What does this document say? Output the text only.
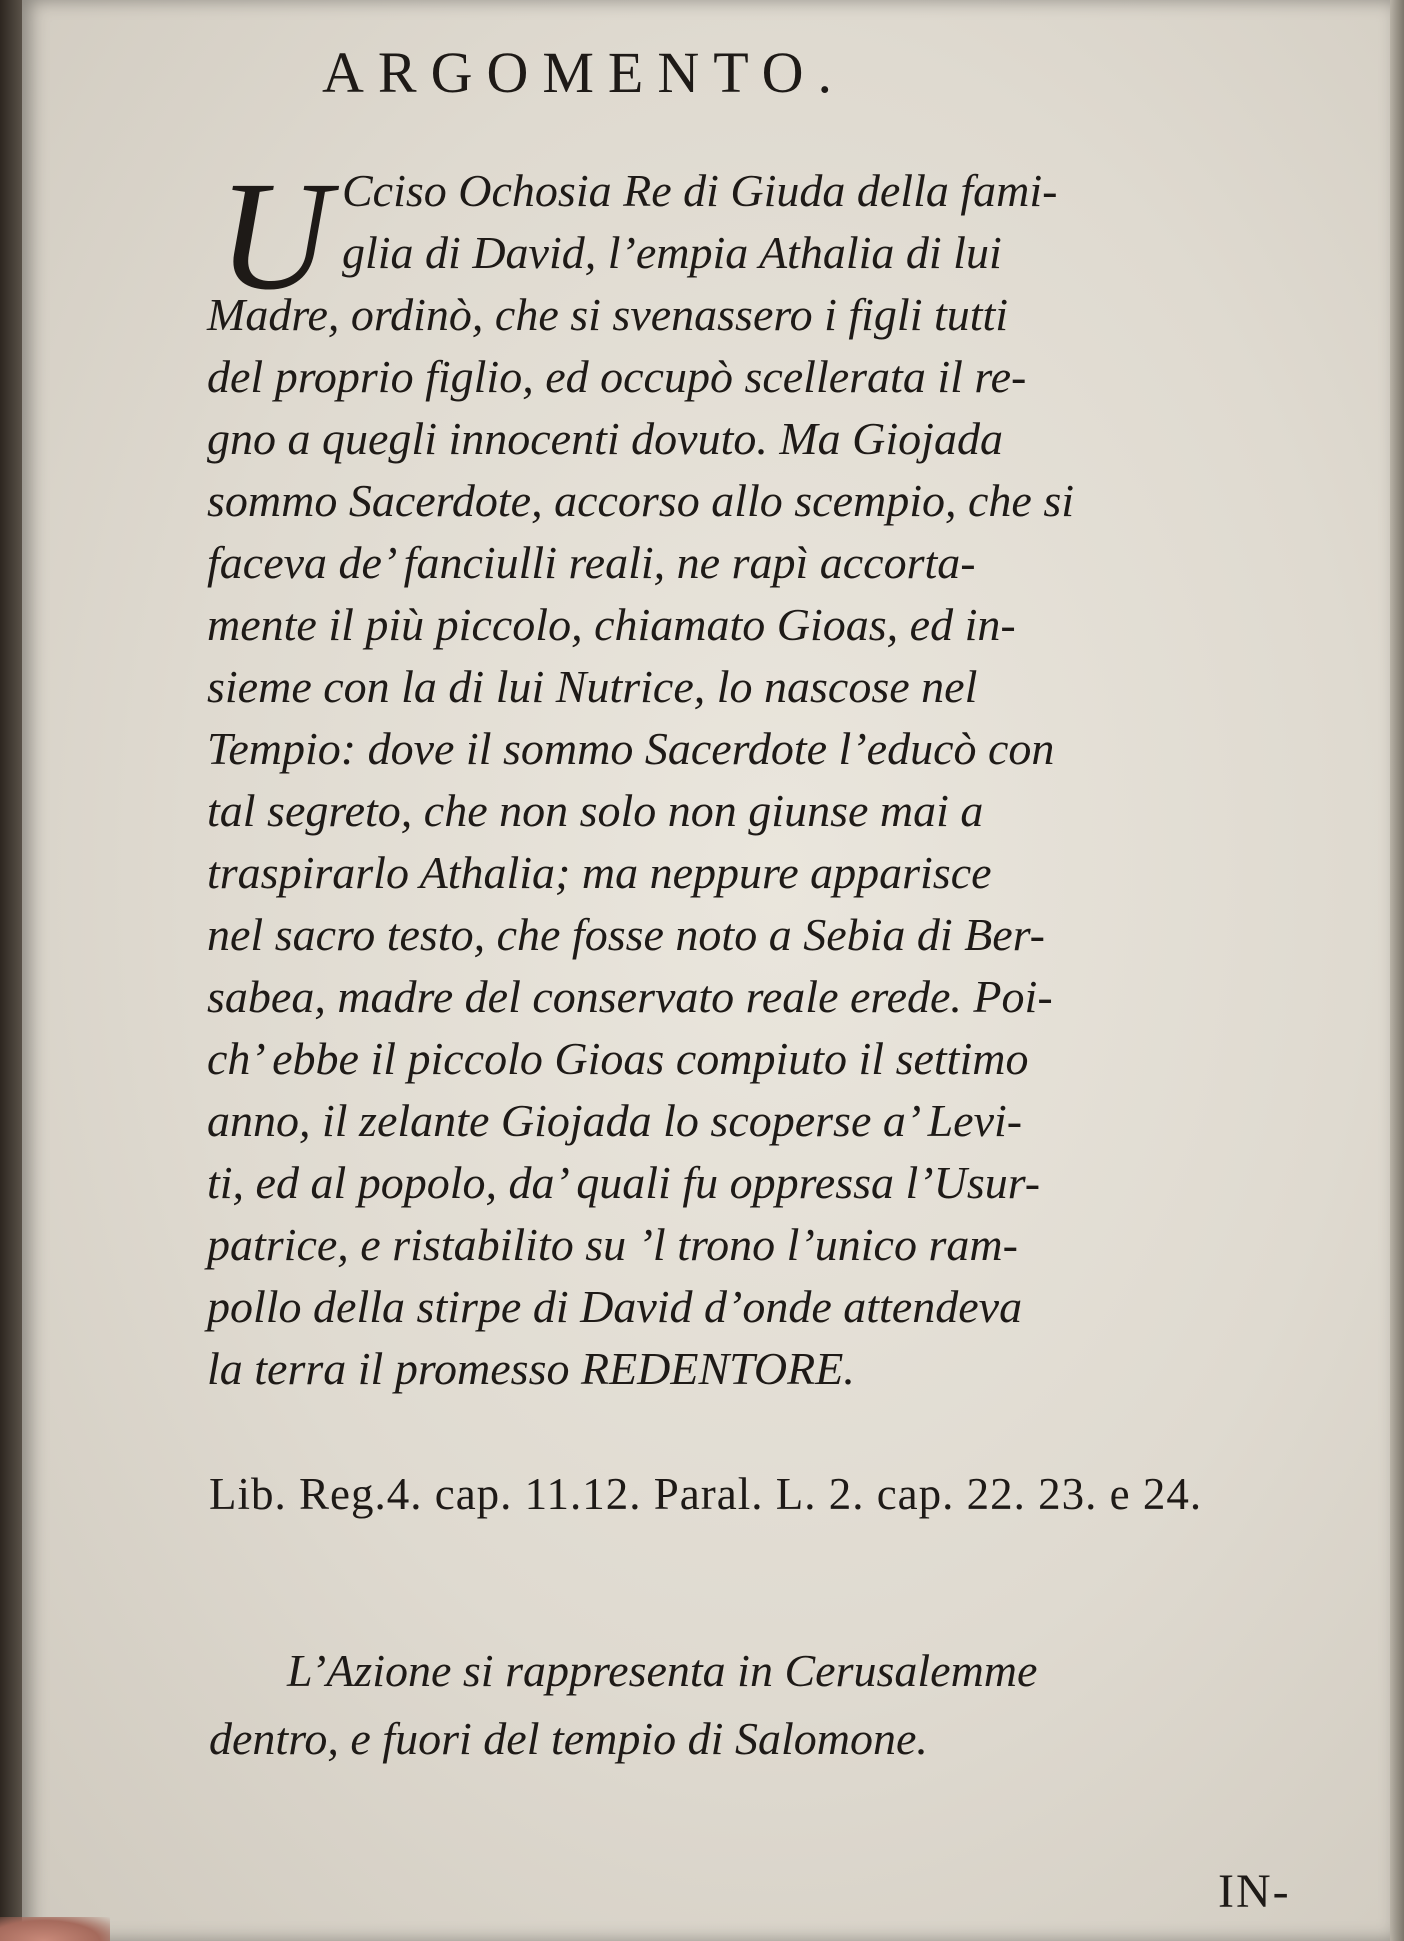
ARGOMENTO.
U Cciso Ochosia Re di Giuda della fami-

glia di David, l’empia Athalia di lui

Madre, ordinò, che si svenassero i figli tutti

del proprio figlio, ed occupò scellerata il re-

gno a quegli innocenti dovuto. Ma Giojada

sommo Sacerdote, accorso allo scempio, che si

faceva de’ fanciulli reali, ne rapì accorta-

mente il più piccolo, chiamato Gioas, ed in-

sieme con la di lui Nutrice, lo nascose nel

Tempio: dove il sommo Sacerdote l’educò con

tal segreto, che non solo non giunse mai a

traspirarlo Athalia; ma neppure apparisce

nel sacro testo, che fosse noto a Sebia di Ber-

sabea, madre del conservato reale erede. Poi-

ch’ ebbe il piccolo Gioas compiuto il settimo

anno, il zelante Giojada lo scoperse a’ Levi-

ti, ed al popolo, da’ quali fu oppressa l’Usur-

patrice, e ristabilito su ’l trono l’unico ram-

pollo della stirpe di David d’onde attendeva

la terra il promesso REDENTORE.

Lib. Reg.4. cap. 11.12. Paral. L. 2. cap. 22. 23. e 24.

L’Azione si rappresenta in Cerusalemme

dentro, e fuori del tempio di Salomone.

IN-
